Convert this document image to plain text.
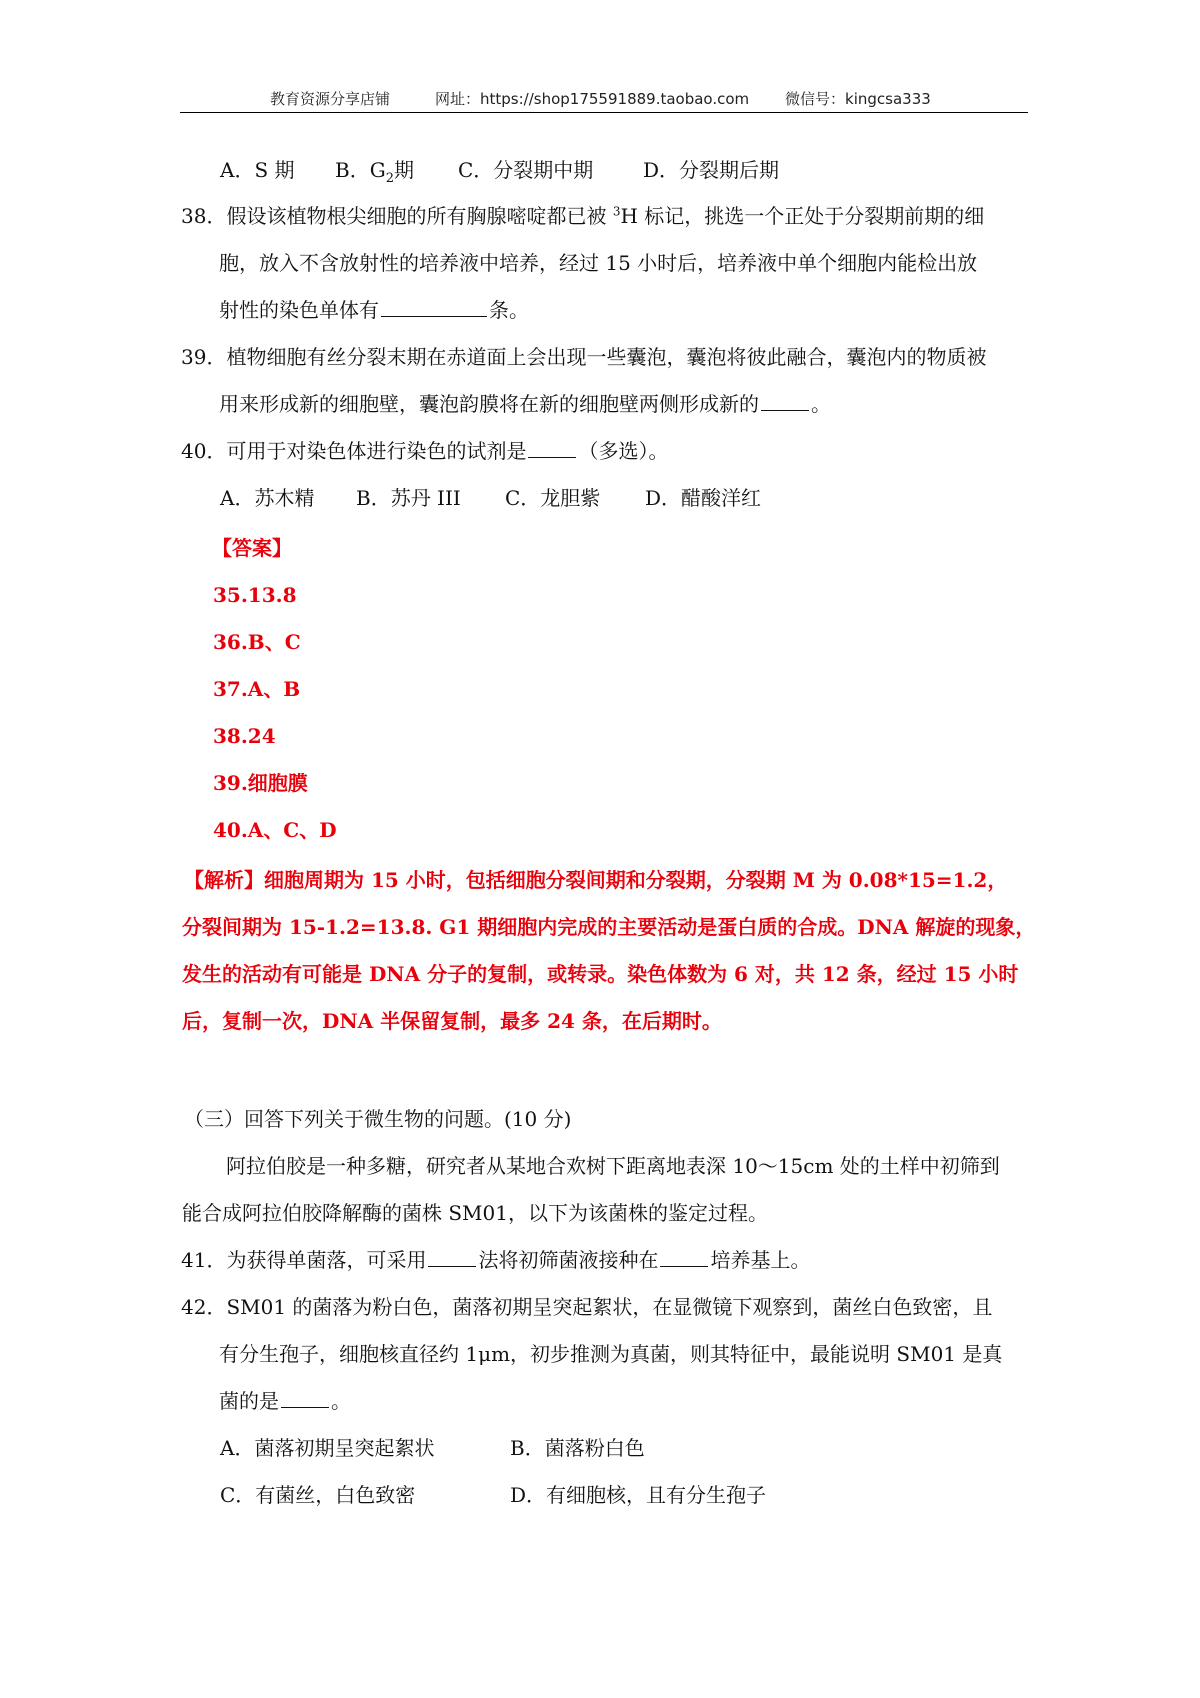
教育资源分享店铺	网址：https://shop175591889.taobao.com 微信号：kingcsa333
A．S 期 B．$G_2$期 C．分裂期中期 D．分裂期后期
38．假设该植物根尖细胞的所有胸腺嘧啶都已被 $^3$H 标记，挑选一个正处于分裂期前期的细
胞，放入不含放射性的培养液中培养，经过 15 小时后，培养液中单个细胞内能检出放
射性的染色单体有	条。
39．植物细胞有丝分裂末期在赤道面上会出现一些囊泡，囊泡将彼此融合，囊泡内的物质被
用来形成新的细胞壁，囊泡韵膜将在新的细胞壁两侧形成新的	。
40．可用于对染色体进行染色的试剂是	（多选）。
A．苏木精 B．苏丹 III C．龙胆紫 D．醋酸洋红
【答案】
35.13.8
36.B、C
37.A、B
38.24
39.细胞膜
40.A、C、D
【解析】细胞周期为 15 小时，包括细胞分裂间期和分裂期，分裂期 M 为 0.08*15=1.2，
分裂间期为 15-1.2=13.8. G1 期细胞内完成的主要活动是蛋白质的合成。DNA 解旋的现象，
发生的活动有可能是 DNA 分子的复制，或转录。染色体数为 6 对，共 12 条，经过 15 小时
后，复制一次，DNA 半保留复制，最多 24 条，在后期时。
（三）回答下列关于微生物的问题。(10 分)
阿拉伯胶是一种多糖，研究者从某地合欢树下距离地表深 10～15cm 处的土样中初筛到
能合成阿拉伯胶降解酶的菌株 SM01，以下为该菌株的鉴定过程。
41．为获得单菌落，可采用	法将初筛菌液接种在	培养基上。
42．SM01 的菌落为粉白色，菌落初期呈突起絮状，在显微镜下观察到，菌丝白色致密，且
有分生孢子，细胞核直径约 1μm，初步推测为真菌，则其特征中，最能说明 SM01 是真
菌的是	。
A．菌落初期呈突起絮状	B．菌落粉白色
C．有菌丝，白色致密	D．有细胞核，且有分生孢子
